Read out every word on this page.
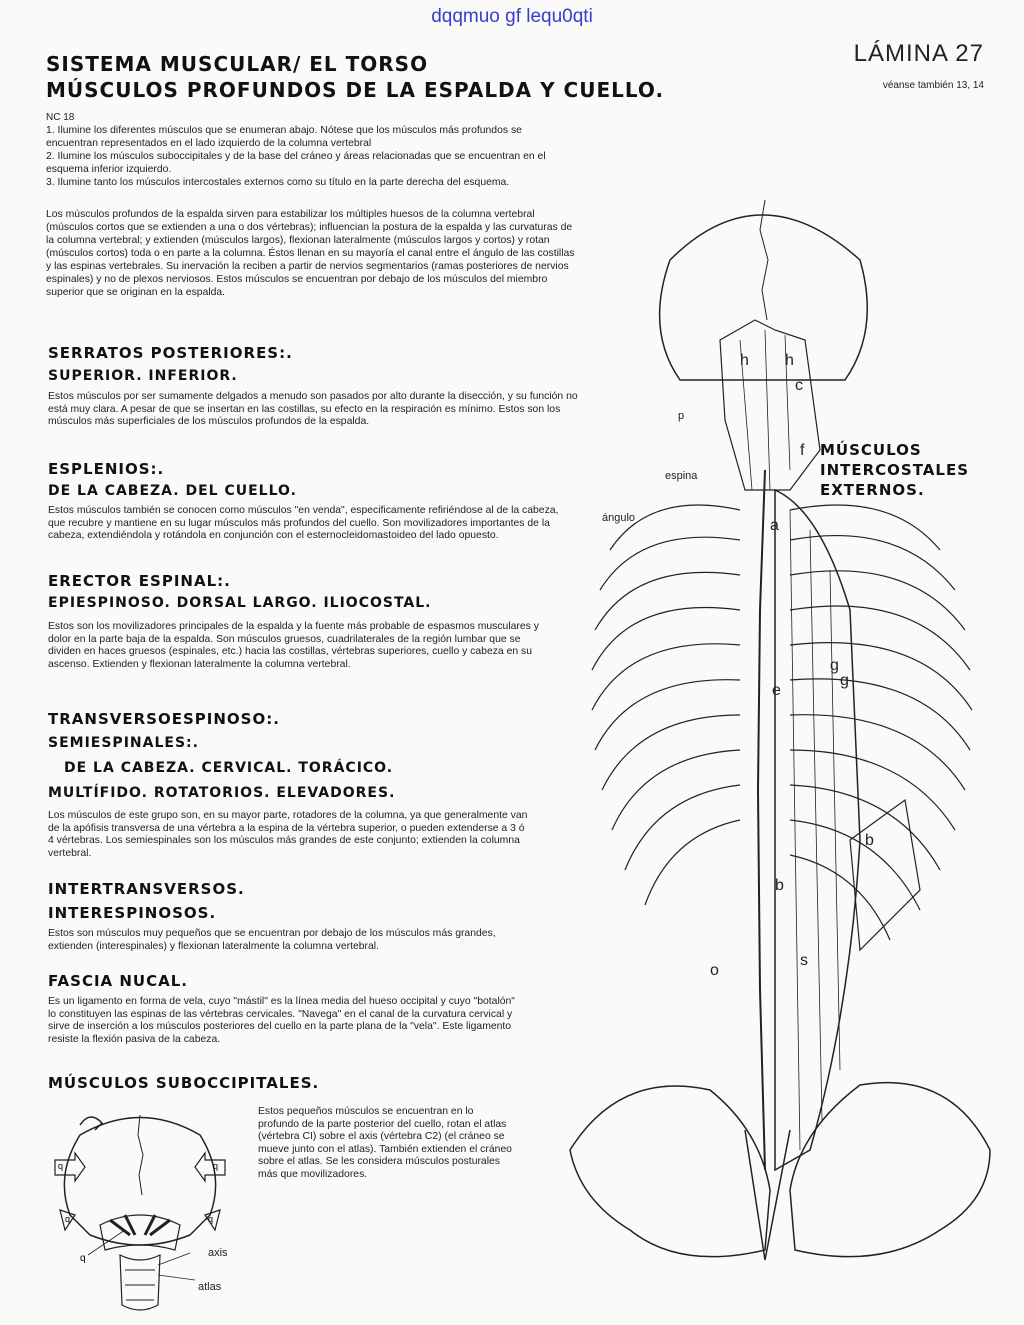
dqqmuo gf lequ0qti
SISTEMA MUSCULAR/ EL TORSO
MÚSCULOS PROFUNDOS DE LA ESPALDA Y CUELLO.
LÁMINA 27
véanse también 13, 14
NC 18
1. Ilumine los diferentes músculos que se enumeran abajo. Nótese que los músculos más profundos se encuentran representados en el lado izquierdo de la columna vertebral
2. Ilumine los músculos suboccipitales y de la base del cráneo y áreas relacionadas que se encuentran en el esquema inferior izquierdo.
3. Ilumine tanto los músculos intercostales externos como su título en la parte derecha del esquema.
Los músculos profundos de la espalda sirven para estabilizar los múltiples huesos de la columna vertebral (músculos cortos que se extienden a una o dos vértebras); influencian la postura de la espalda y las curvaturas de la columna vertebral; y extienden (músculos largos), flexionan lateralmente (músculos largos y cortos) y rotan (músculos cortos) toda o en parte a la columna. Éstos llenan en su mayoría el canal entre el ángulo de las costillas y las espinas vertebrales. Su inervación la reciben a partir de nervios segmentarios (ramas posteriores de nervios espinales) y no de plexos nerviosos. Estos músculos se encuentran por debajo de los músculos del miembro superior que se originan en la espalda.
SERRATOS POSTERIORES:.
SUPERIOR. INFERIOR.
Estos músculos por ser sumamente delgados a menudo son pasados por alto durante la disección, y su función no está muy clara. A pesar de que se insertan en las costillas, su efecto en la respiración es mínimo. Estos son los músculos más superficiales de los músculos profundos de la espalda.
ESPLENIOS:.
DE LA CABEZA. DEL CUELLO.
Estos músculos también se conocen como músculos "en venda", especificamente refiriéndose al de la cabeza, que recubre y mantiene en su lugar músculos más profundos del cuello. Son movilizadores importantes de la cabeza, extendiéndola y rotándola en conjunción con el esternocleidomastoideo del lado opuesto.
ERECTOR ESPINAL:.
EPIESPINOSO. DORSAL LARGO. ILIOCOSTAL.
Estos son los movilizadores principales de la espalda y la fuente más probable de espasmos musculares y dolor en la parte baja de la espalda. Son músculos gruesos, cuadrilaterales de la región lumbar que se dividen en haces gruesos (espinales, etc.) hacia las costillas, vértebras superiores, cuello y cabeza en su ascenso. Extienden y flexionan lateralmente la columna vertebral.
TRANSVERSOESPINOSO:.
SEMIESPINALES:.
DE LA CABEZA. CERVICAL. TORÁCICO.
MULTÍFIDO. ROTATORIOS. ELEVADORES.
Los músculos de este grupo son, en su mayor parte, rotadores de la columna, ya que generalmente van de la apófisis transversa de una vértebra a la espina de la vértebra superior, o pueden extenderse a 3 ó 4 vértebras. Los semiespinales son los músculos más grandes de este conjunto; extienden la columna vertebral.
INTERTRANSVERSOS.
INTERESPINOSOS.
Estos son músculos muy pequeños que se encuentran por debajo de los músculos más grandes, extienden (interespinales) y flexionan lateralmente la columna vertebral.
FASCIA NUCAL.
Es un ligamento en forma de vela, cuyo "mástil" es la línea media del hueso occipital y cuyo "botalón" lo constituyen las espinas de las vértebras cervicales. "Navega" en el canal de la curvatura cervical y sirve de inserción a los músculos posteriores del cuello en la parte plana de la "vela". Este ligamento resiste la flexión pasiva de la cabeza.
MÚSCULOS SUBOCCIPITALES.
Estos pequeños músculos se encuentran en lo profundo de la parte posterior del cuello, rotan el atlas (vértebra CI) sobre el axis (vértebra C2) (el cráneo se mueve junto con el atlas). También extienden el cráneo sobre el atlas. Se les considera músculos posturales más que movilizadores.
q	q
q	q
q	axis
atlas
h h
c
f
a
g
e
g
b
b
s
o
p
espina
ángulo
MÚSCULOS
INTERCOSTALES
EXTERNOS.
